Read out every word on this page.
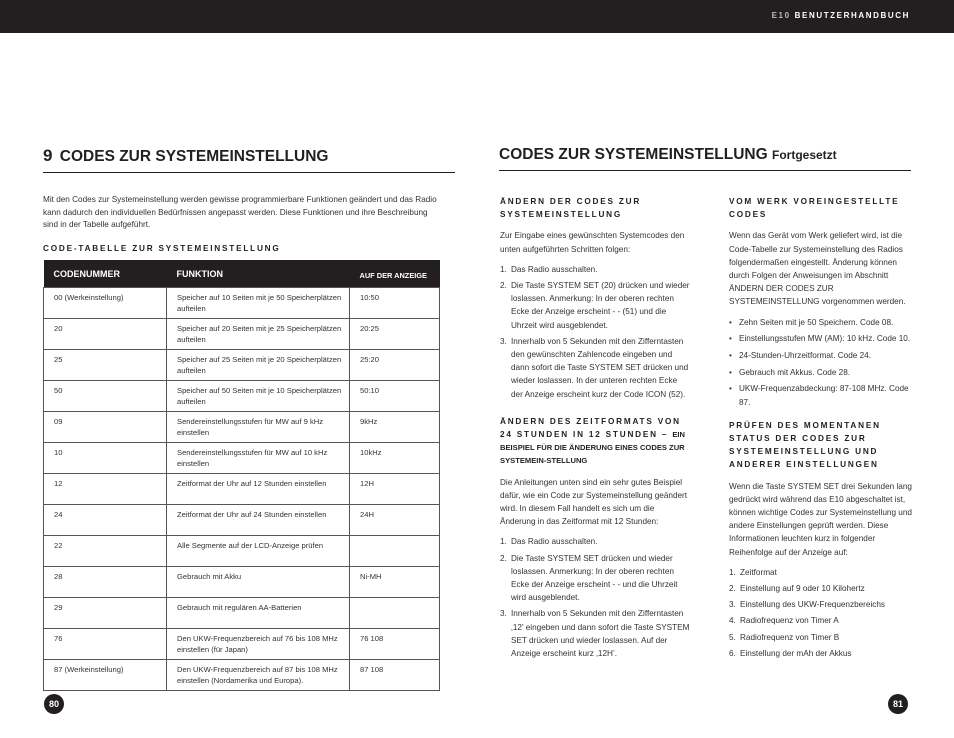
E10 BENUTZERHANDBUCH
9 CODES ZUR SYSTEMEINSTELLUNG
Mit den Codes zur Systemeinstellung werden gewisse programmierbare Funktionen geändert und das Radio kann dadurch den individuellen Bedürfnissen angepasst werden. Diese Funktionen und ihre Beschreibung sind in der Tabelle aufgeführt.
CODE-TABELLE ZUR SYSTEMEINSTELLUNG
CODENUMMER	FUNKTION	AUF DER ANZEIGE
00 (Werkeinstellung)	Speicher auf 10 Seiten mit je 50 Speicherplätzen aufteilen	10:50
20	Speicher auf 20 Seiten mit je 25 Speicherplätzen aufteilen	20:25
25	Speicher auf 25 Seiten mit je 20 Speicherplätzen aufteilen	25:20
50	Speicher auf 50 Seiten mit je 10 Speicherplätzen aufteilen	50:10
09	Sendereinstellungsstufen für MW auf 9 kHz einstellen	9kHz
10	Sendereinstellungsstufen für MW auf 10 kHz einstellen	10kHz
12	Zeitformat der Uhr auf 12 Stunden einstellen	12H
24	Zeitformat der Uhr auf 24 Stunden einstellen	24H
22	Alle Segmente auf der LCD-Anzeige prüfen	
28	Gebrauch mit Akku	Ni-MH
29	Gebrauch mit regulären AA-Batterien	
76	Den UKW-Frequenzbereich auf 76 bis 108 MHz einstellen (für Japan)	76 108
87 (Werkeinstellung)	Den UKW-Frequenzbereich auf 87 bis 108 MHz einstellen (Nordamerika und Europa).	87 108
80
CODES ZUR SYSTEMEINSTELLUNG Fortgesetzt
ÄNDERN DER CODES ZUR SYSTEMEINSTELLUNG
Zur Eingabe eines gewünschten Systemcodes den unten aufgeführten Schritten folgen:
1. Das Radio ausschalten.
2. Die Taste SYSTEM SET (20) drücken und wieder loslassen. Anmerkung: In der oberen rechten Ecke der Anzeige erscheint - - (51) und die Uhrzeit wird ausgeblendet.
3. Innerhalb von 5 Sekunden mit den Zifferntasten den gewünschten Zahlencode eingeben und dann sofort die Taste SYSTEM SET drücken und wieder loslassen. In der unteren rechten Ecke der Anzeige erscheint kurz der Code ICON (52).
ÄNDERN DES ZEITFORMATS VON 24 STUNDEN IN 12 STUNDEN – EIN BEISPIEL FÜR DIE ÄNDERUNG EINES CODES ZUR SYSTEMEIN-STELLUNG
Die Anleitungen unten sind ein sehr gutes Beispiel dafür, wie ein Code zur Systemeinstellung geändert wird. In diesem Fall handelt es sich um die Änderung in das Zeitformat mit 12 Stunden:
1. Das Radio ausschalten.
2. Die Taste SYSTEM SET drücken und wieder loslassen. Anmerkung: In der oberen rechten Ecke der Anzeige erscheint - - und die Uhrzeit wird ausgeblendet.
3. Innerhalb von 5 Sekunden mit den Zifferntasten ‚12’ eingeben und dann sofort die Taste SYSTEM SET drücken und wieder loslassen. Auf der Anzeige erscheint kurz ‚12H’.
VOM WERK VOREINGESTELLTE CODES
Wenn das Gerät vom Werk geliefert wird, ist die Code-Tabelle zur Systemeinstellung des Radios folgendermaßen eingestellt. Änderung können durch Folgen der Anweisungen im Abschnitt ÄNDERN DER CODES ZUR SYSTEMEINSTELLUNG vorgenommen werden.
• Zehn Seiten mit je 50 Speichern. Code 08.
• Einstellungsstufen MW (AM): 10 kHz. Code 10.
• 24-Stunden-Uhrzeitformat. Code 24.
• Gebrauch mit Akkus. Code 28.
• UKW-Frequenzabdeckung: 87-108 MHz. Code 87.
PRÜFEN DES MOMENTANEN STATUS DER CODES ZUR SYSTEMEINSTELLUNG UND ANDERER EINSTELLUNGEN
Wenn die Taste SYSTEM SET drei Sekunden lang gedrückt wird während das E10 abgeschaltet ist, können wichtige Codes zur Systemeinstellung und andere Einstellungen geprüft werden. Diese Informationen leuchten kurz in folgender Reihenfolge auf der Anzeige auf:
1. Zeitformat
2. Einstellung auf 9 oder 10 Kilohertz
3. Einstellung des UKW-Frequenzbereichs
4. Radiofrequenz von Timer A
5. Radiofrequenz von Timer B
6. Einstellung der mAh der Akkus
81
